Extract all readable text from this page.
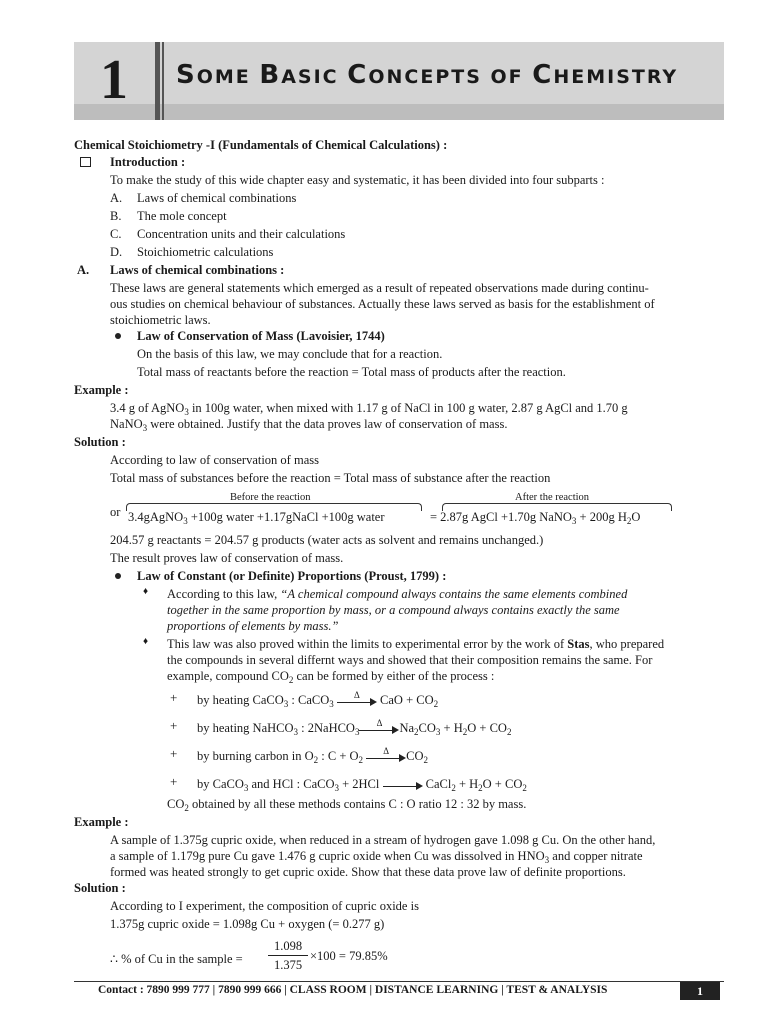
1 SOME BASIC CONCEPTS OF CHEMISTRY
Chemical Stoichiometry -I (Fundamentals of Chemical Calculations) :
Introduction :
To make the study of this wide chapter easy and systematic, it has been divided into four subparts :
A. Laws of chemical combinations
B. The mole concept
C. Concentration units and their calculations
D. Stoichiometric calculations
A. Laws of chemical combinations :
These laws are general statements which emerged as a result of repeated observations made during continu-
ous studies on chemical behaviour of substances. Actually these laws served as basis for the establishment of
stoichiometric laws.
Law of Conservation of Mass (Lavoisier, 1744)
On the basis of this law, we may conclude that for a reaction.
Total mass of reactants before the reaction = Total mass of products after the reaction.
Example :
3.4 g of AgNO$_3$ in 100g water, when mixed with 1.17 g of NaCl in 100 g water, 2.87 g AgCl and 1.70 g
NaNO$_3$ were obtained. Justify that the data proves law of conservation of mass.
Solution :
According to law of conservation of mass
Total mass of substances before the reaction = Total mass of substance after the reaction
Before the reaction	After the reaction
or 3.4gAgNO$_3$ +100g water +1.17gNaCl +100g water	= 2.87g AgCl +1.70g NaNO$_3$ + 200g $H_2O$
204.57 g reactants = 204.57 g products (water acts as solvent and remains unchanged.)
The result proves law of conservation of mass.
Law of Constant (or Definite) Proportions (Proust, 1799) :
♦ According to this law, “A chemical compound always contains the same elements combined
together in the same proportion by mass, or a compound always contains exactly the same
proportions of elements by mass.”
♦ This law was also proved within the limits to experimental error by the work of Stas, who prepared
the compounds in several differnt ways and showed that their composition remains the same. For
example, compound $CO_2$ can be formed by either of the process :
+ by heating CaCO$_3$ : CaCO$_3$
Δ	CaO + $CO_2$
+ by heating NaHCO$_3$ : 2NaHCO$_3$
Δ	$Na_2CO_3 + H_2O + CO_2$
+ by burning carbon in $O_2$ : $C + O_2$
Δ	$CO_2$
+ by CaCO$_3$ and HCl : CaCO$_3$ + 2HCl	CaCl$_2$ + $H_2O + CO_2$
$CO_2$ obtained by all these methods contains C : O ratio 12 : 32 by mass.
Example :
A sample of 1.375g cupric oxide, when reduced in a stream of hydrogen gave 1.098 g Cu. On the other hand,
a sample of 1.179g pure Cu gave 1.476 g cupric oxide when Cu was dissolved in $HNO_3$ and copper nitrate
formed was heated strongly to get cupric oxide. Show that these data prove law of definite proportions.
Solution :
According to I experiment, the composition of cupric oxide is
1.375g cupric oxide = 1.098g Cu + oxygen (= 0.277 g)
∴ % of Cu in the sample =
1.098
1.375
×100 = 79.85%
Contact : 7890 999 777 | 7890 999 666 | CLASS ROOM | DISTANCE LEARNING | TEST & ANALYSIS	1
